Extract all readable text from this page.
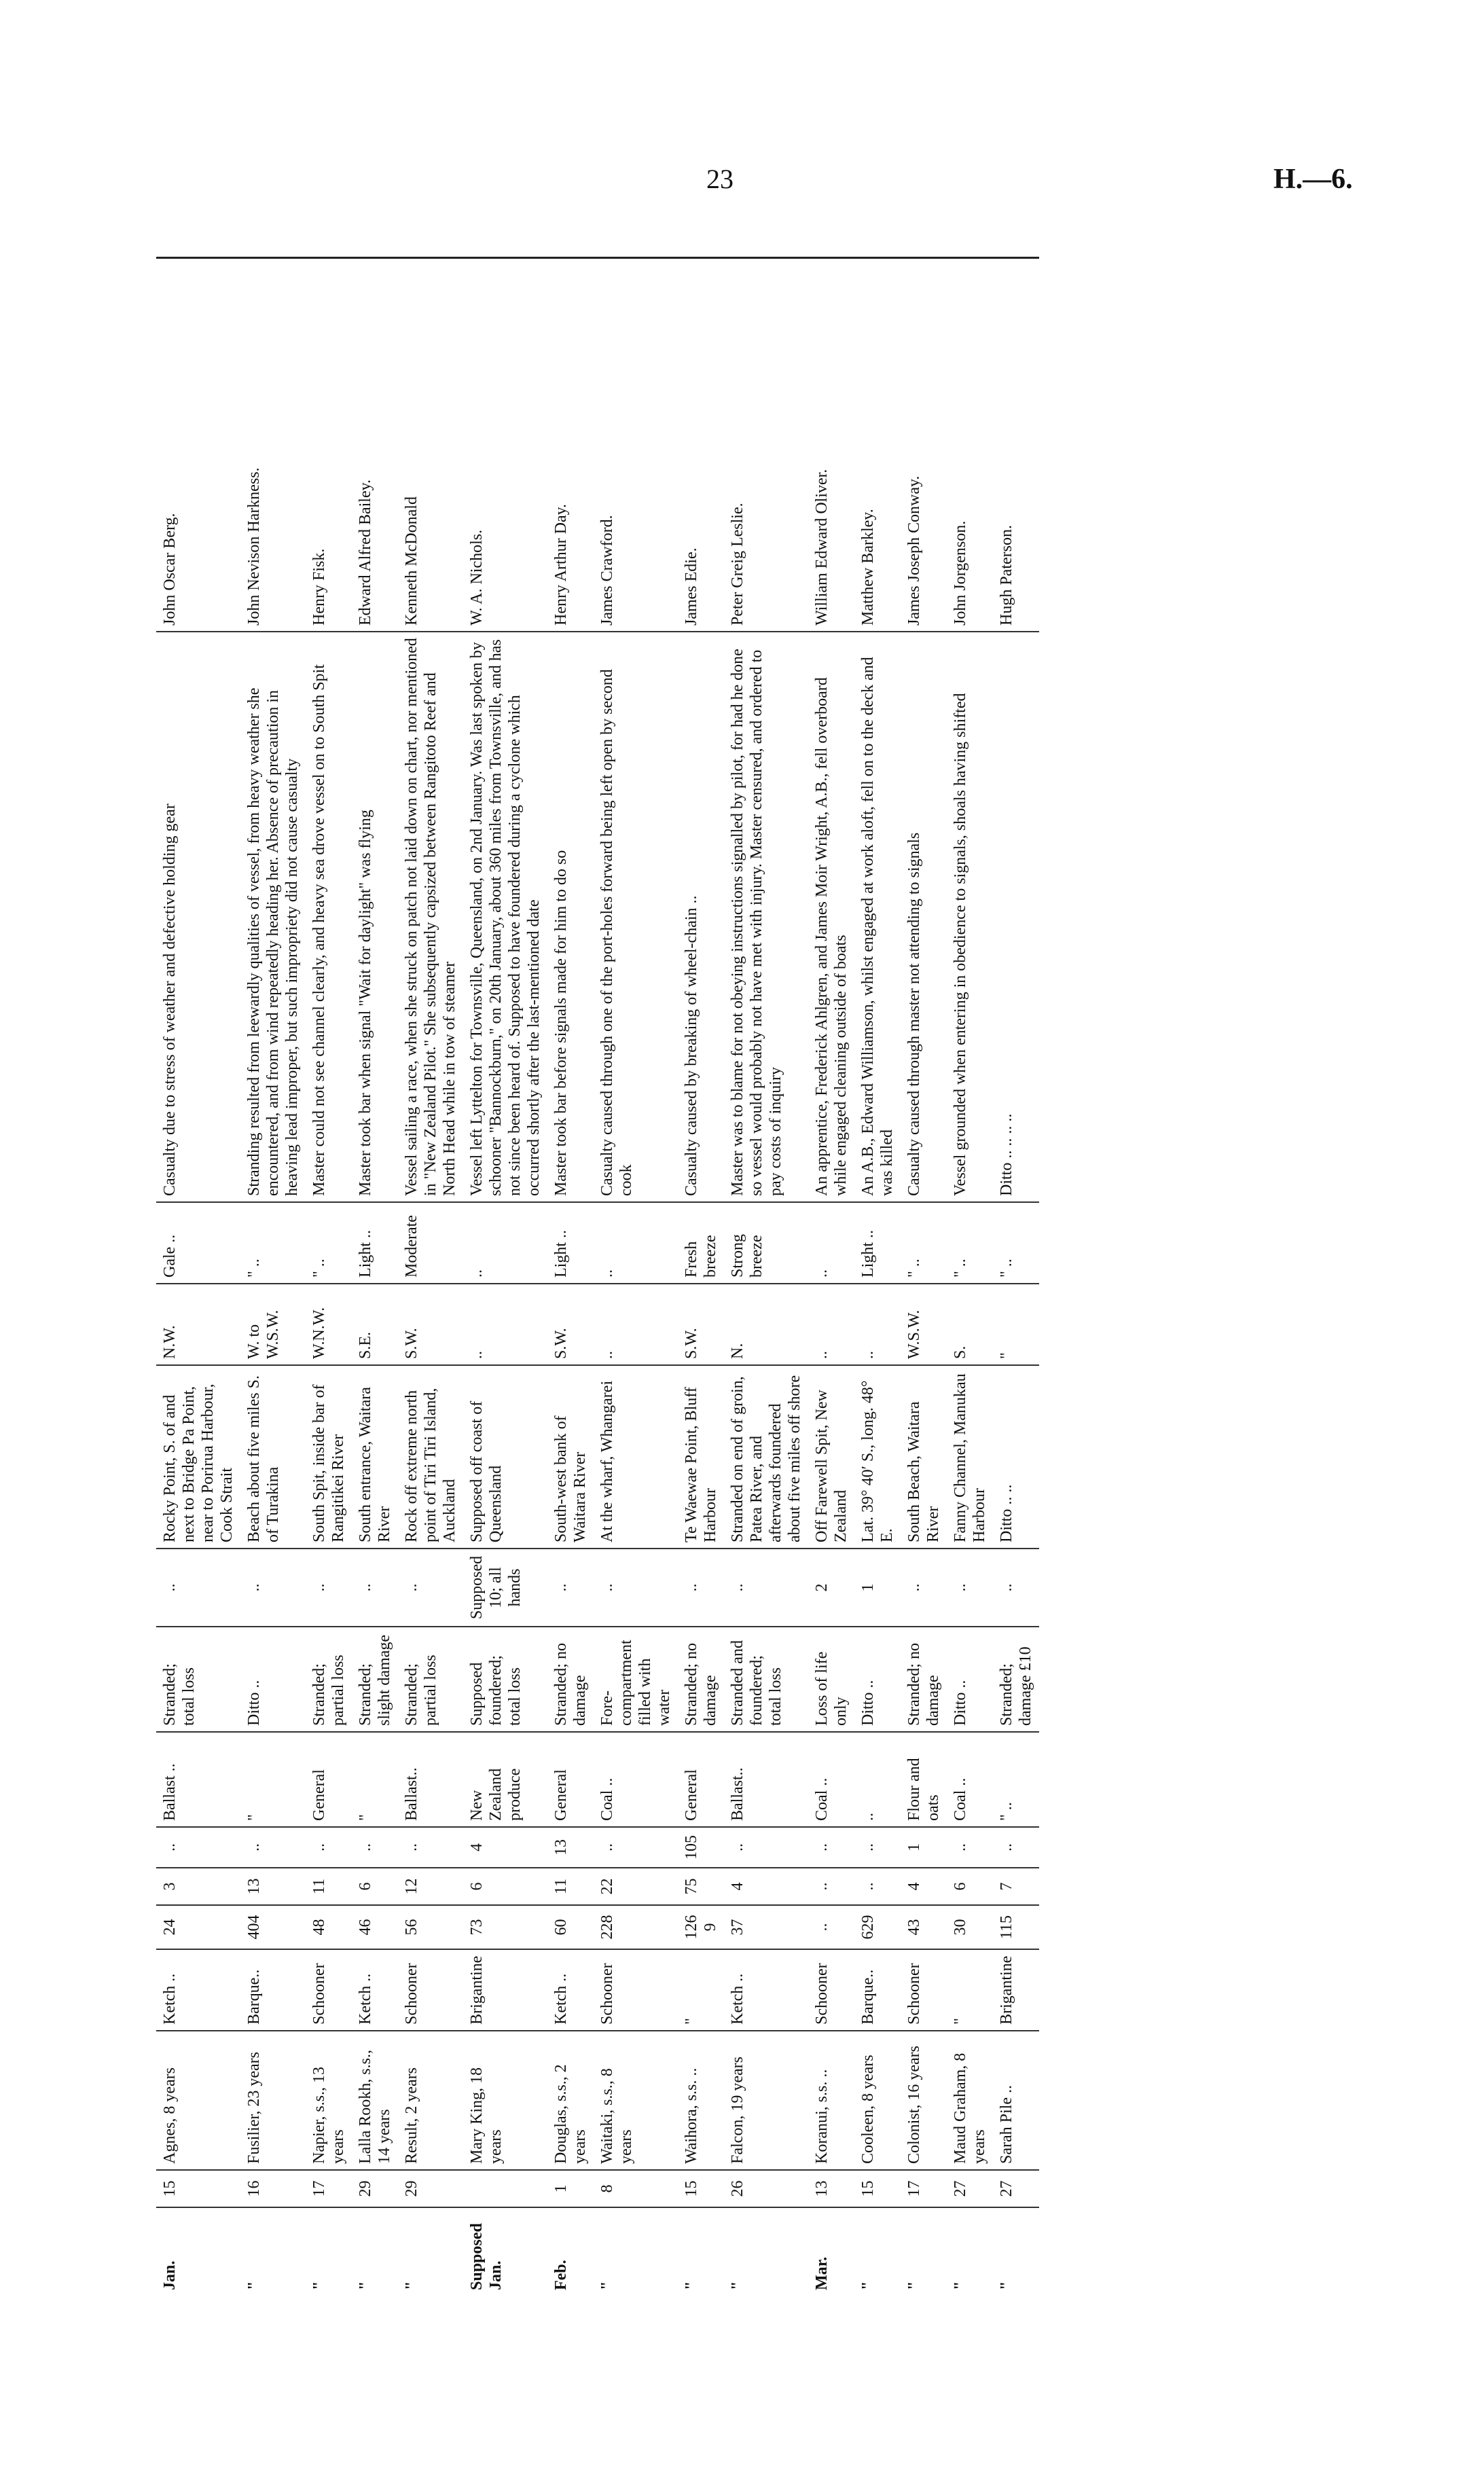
23	H.—6.
Jan.	15	Agnes, 8 years	Ketch ..	24	3	..	Ballast ..	Stranded; total loss	..	Rocky Point, S. of and next to Bridge Pa Point, near to Porirua Harbour, Cook Strait	N.W.	Gale ..	Casualty due to stress of weather and defective holding gear	John Oscar Berg.
"	16	Fusilier, 23 years	Barque..	404	13	..	"	Ditto ..	..	Beach about five miles S. of Turakina	W. to W.S.W.	" ..	Stranding resulted from leewardly qualities of vessel, from heavy weather she encountered, and from wind repeatedly heading her. Absence of precaution in heaving lead improper, but such impropriety did not cause casualty	John Nevison Harkness.
"	17	Napier, s.s., 13 years	Schooner	48	11	..	General	Stranded; partial loss	..	South Spit, inside bar of Rangitikei River	W.N.W.	" ..	Master could not see channel clearly, and heavy sea drove vessel on to South Spit	Henry Fisk.
"	29	Lalla Rookh, s.s., 14 years	Ketch ..	46	6	..	"	Stranded; slight damage	..	South entrance, Waitara River	S.E.	Light ..	Master took bar when signal "Wait for daylight" was flying	Edward Alfred Bailey.
"	29	Result, 2 years	Schooner	56	12	..	Ballast..	Stranded; partial loss	..	Rock off extreme north point of Tiri Tiri Island, Auckland	S.W.	Moderate	Vessel sailing a race, when she struck on patch not laid down on chart, nor mentioned in "New Zealand Pilot." She subsequently capsized between Rangitoto Reef and North Head while in tow of steamer	Kenneth McDonald
Supposed Jan.		Mary King, 18 years	Brigantine	73	6	4	New Zealand produce	Supposed foundered; total loss	Supposed 10; all hands	Supposed off coast of Queensland	..	..	Vessel left Lyttelton for Townsville, Queensland, on 2nd January. Was last spoken by schooner "Bannockburn," on 20th January, about 360 miles from Townsville, and has not since been heard of. Supposed to have foundered during a cyclone which occurred shortly after the last-mentioned date	W. A. Nichols.
Feb.	1	Douglas, s.s., 2 years	Ketch ..	60	11	13	General	Stranded; no damage	..	South-west bank of Waitara River	S.W.	Light ..	Master took bar before signals made for him to do so	Henry Arthur Day.
"	8	Waitaki, s.s., 8 years	Schooner	228	22	..	Coal ..	Fore-compartment filled with water	..	At the wharf, Whangarei	..	..	Casualty caused through one of the port-holes forward being left open by second cook	James Crawford.
"	15	Waihora, s.s. ..	"	1269	75	105	General	Stranded; no damage	..	Te Waewae Point, Bluff Harbour	S.W.	Fresh breeze	Casualty caused by breaking of wheel-chain ..	James Edie.
"	26	Falcon, 19 years	Ketch ..	37	4	..	Ballast..	Stranded and foundered; total loss	..	Stranded on end of groin, Patea River, and afterwards foundered about five miles off shore	N.	Strong breeze	Master was to blame for not obeying instructions signalled by pilot, for had he done so vessel would probably not have met with injury. Master censured, and ordered to pay costs of inquiry	Peter Greig Leslie.
Mar.	13	Koranui, s.s. ..	Schooner	..	..	..	Coal ..	Loss of life only	2	Off Farewell Spit, New Zealand	..	..	An apprentice, Frederick Ahlgren, and James Moir Wright, A.B., fell overboard while engaged cleaning outside of boats	William Edward Oliver.
"	15	Cooleen, 8 years	Barque..	629	..	..	..	Ditto ..	1	Lat. 39° 40′ S., long. 48° E.	..	Light ..	An A.B., Edward Williamson, whilst engaged at work aloft, fell on to the deck and was killed	Matthew Barkley.
"	17	Colonist, 16 years	Schooner	43	4	1	Flour and oats	Stranded; no damage	..	South Beach, Waitara River	W.S.W.	" ..	Casualty caused through master not attending to signals	James Joseph Conway.
"	27	Maud Graham, 8 years	"	30	6	..	Coal ..	Ditto ..	..	Fanny Channel, Manukau Harbour	S.	" ..	Vessel grounded when entering in obedience to signals, shoals having shifted	John Jorgenson.
"	27	Sarah Pile ..	Brigantine	115	7	..	" ..	Stranded; damage £10	..	Ditto .. ..	"	" ..	Ditto .. .. .. ..	Hugh Paterson.
